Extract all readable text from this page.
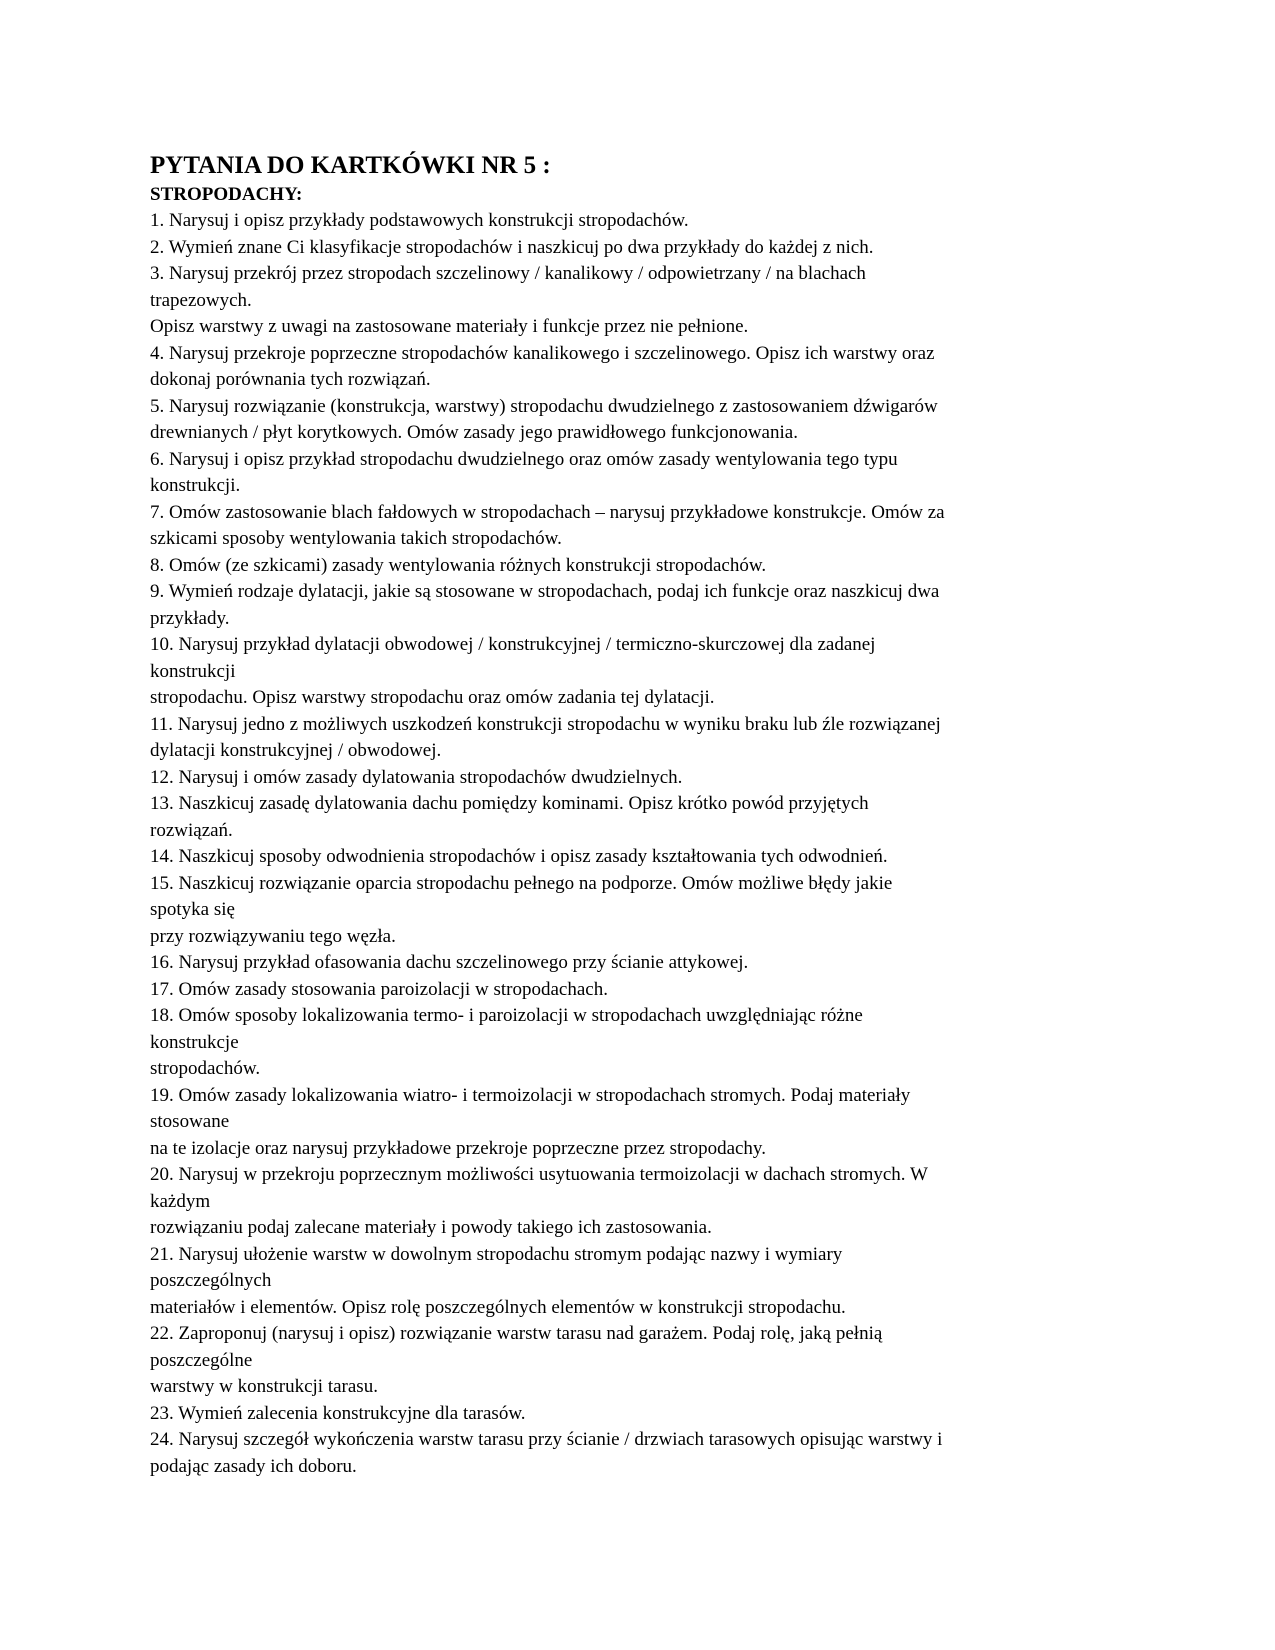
PYTANIA DO KARTKÓWKI NR 5 :
STROPODACHY:
1. Narysuj i opisz przykłady podstawowych konstrukcji stropodachów.
2. Wymień znane Ci klasyfikacje stropodachów i naszkicuj po dwa przykłady do każdej z nich.
3. Narysuj przekrój przez stropodach szczelinowy / kanalikowy / odpowietrzany / na blachach
trapezowych.
Opisz warstwy z uwagi na zastosowane materiały i funkcje przez nie pełnione.
4. Narysuj przekroje poprzeczne stropodachów kanalikowego i szczelinowego. Opisz ich warstwy oraz
dokonaj porównania tych rozwiązań.
5. Narysuj rozwiązanie (konstrukcja, warstwy) stropodachu dwudzielnego z zastosowaniem dźwigarów
drewnianych / płyt korytkowych. Omów zasady jego prawidłowego funkcjonowania.
6. Narysuj i opisz przykład stropodachu dwudzielnego oraz omów zasady wentylowania tego typu
konstrukcji.
7. Omów zastosowanie blach fałdowych w stropodachach – narysuj przykładowe konstrukcje. Omów za
szkicami sposoby wentylowania takich stropodachów.
8. Omów (ze szkicami) zasady wentylowania różnych konstrukcji stropodachów.
9. Wymień rodzaje dylatacji, jakie są stosowane w stropodachach, podaj ich funkcje oraz naszkicuj dwa
przykłady.
10. Narysuj przykład dylatacji obwodowej / konstrukcyjnej / termiczno-skurczowej dla zadanej
konstrukcji
stropodachu. Opisz warstwy stropodachu oraz omów zadania tej dylatacji.
11. Narysuj jedno z możliwych uszkodzeń konstrukcji stropodachu w wyniku braku lub źle rozwiązanej
dylatacji konstrukcyjnej / obwodowej.
12. Narysuj i omów zasady dylatowania stropodachów dwudzielnych.
13. Naszkicuj zasadę dylatowania dachu pomiędzy kominami. Opisz krótko powód przyjętych
rozwiązań.
14. Naszkicuj sposoby odwodnienia stropodachów i opisz zasady kształtowania tych odwodnień.
15. Naszkicuj rozwiązanie oparcia stropodachu pełnego na podporze. Omów możliwe błędy jakie
spotyka się
przy rozwiązywaniu tego węzła.
16. Narysuj przykład ofasowania dachu szczelinowego przy ścianie attykowej.
17. Omów zasady stosowania paroizolacji w stropodachach.
18. Omów sposoby lokalizowania termo- i paroizolacji w stropodachach uwzględniając różne
konstrukcje
stropodachów.
19. Omów zasady lokalizowania wiatro- i termoizolacji w stropodachach stromych. Podaj materiały
stosowane
na te izolacje oraz narysuj przykładowe przekroje poprzeczne przez stropodachy.
20. Narysuj w przekroju poprzecznym możliwości usytuowania termoizolacji w dachach stromych. W
każdym
rozwiązaniu podaj zalecane materiały i powody takiego ich zastosowania.
21. Narysuj ułożenie warstw w dowolnym stropodachu stromym podając nazwy i wymiary
poszczególnych
materiałów i elementów. Opisz rolę poszczególnych elementów w konstrukcji stropodachu.
22. Zaproponuj (narysuj i opisz) rozwiązanie warstw tarasu nad garażem. Podaj rolę, jaką pełnią
poszczególne
warstwy w konstrukcji tarasu.
23. Wymień zalecenia konstrukcyjne dla tarasów.
24. Narysuj szczegół wykończenia warstw tarasu przy ścianie / drzwiach tarasowych opisując warstwy i
podając zasady ich doboru.
